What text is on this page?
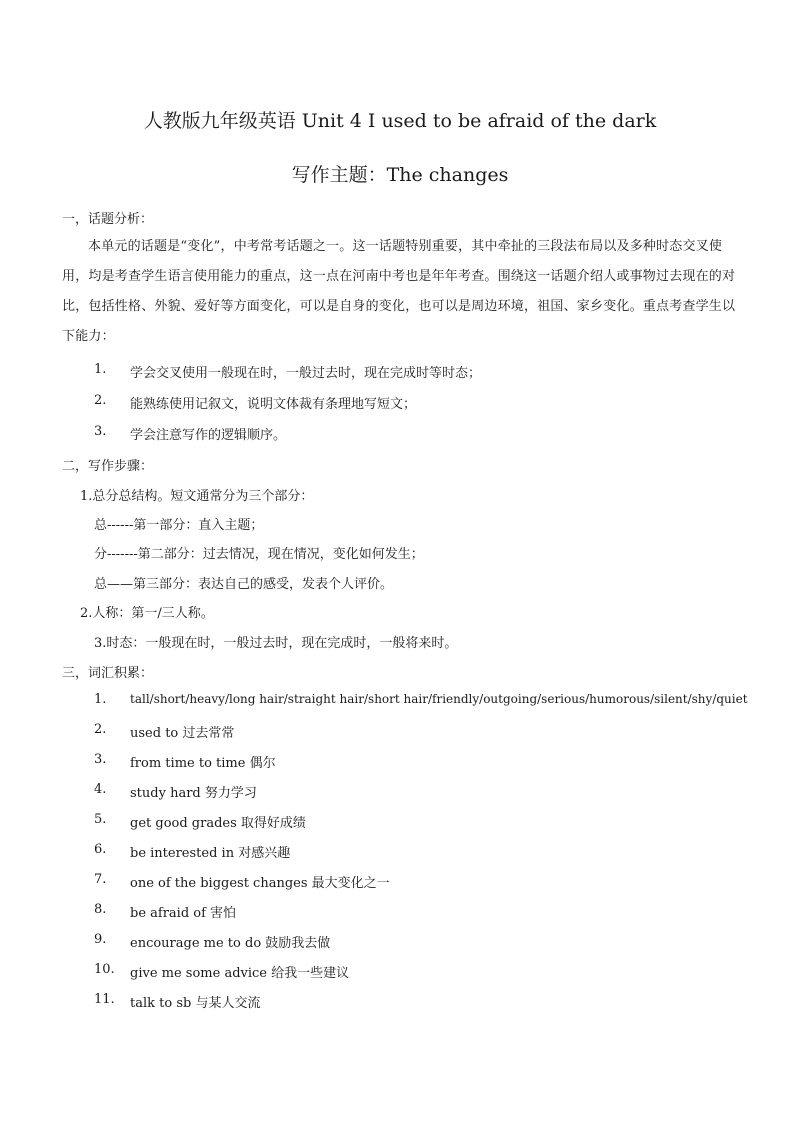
人教版九年级英语 Unit 4 I used to be afraid of the dark
写作主题：The changes
一，话题分析：
本单元的话题是“变化”，中考常考话题之一。这一话题特别重要，其中牵扯的三段法布局以及多种时态交叉使用，均是考查学生语言使用能力的重点，这一点在河南中考也是年年考查。围绕这一话题介绍人或事物过去现在的对比，包括性格、外貌、爱好等方面变化，可以是自身的变化，也可以是周边环境，祖国、家乡变化。重点考查学生以下能力：
1. 学会交叉使用一般现在时，一般过去时，现在完成时等时态；
2. 能熟练使用记叙文，说明文体裁有条理地写短文；
3. 学会注意写作的逻辑顺序。
二，写作步骤：
1.总分总结构。短文通常分为三个部分：
总------第一部分：直入主题；
分-------第二部分：过去情况，现在情况，变化如何发生；
总——第三部分：表达自己的感受，发表个人评价。
2.人称：第一/三人称。
3.时态：一般现在时，一般过去时，现在完成时，一般将来时。
三，词汇积累：
1. tall/short/heavy/long hair/straight hair/short hair/friendly/outgoing/serious/humorous/silent/shy/quiet
2. used to 过去常常
3. from time to time 偶尔
4. study hard 努力学习
5. get good grades 取得好成绩
6. be interested in 对感兴趣
7. one of the biggest changes 最大变化之一
8. be afraid of 害怕
9. encourage me to do 鼓励我去做
10. give me some advice 给我一些建议
11. talk to sb 与某人交流
